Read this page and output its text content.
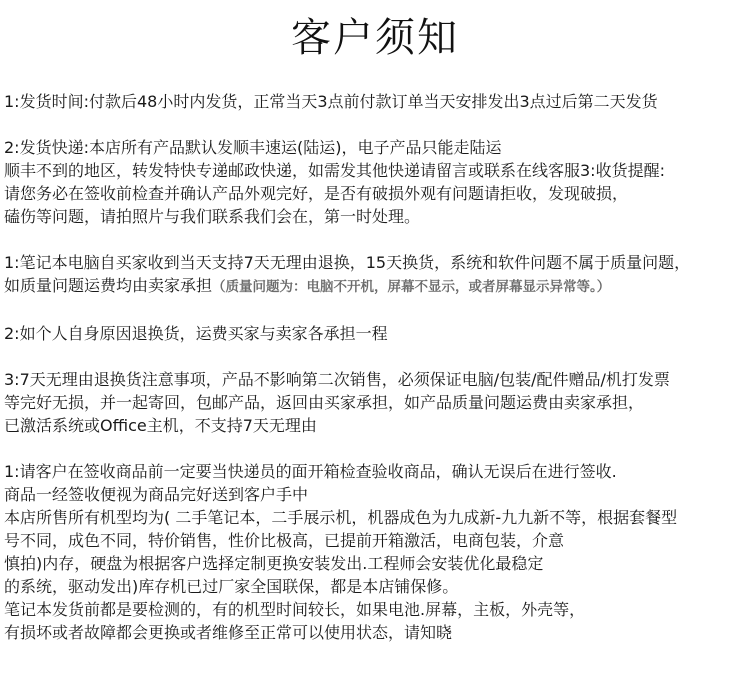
客户须知
1:发货时间:付款后48小时内发货，正常当天3点前付款订单当天安排发出3点过后第二天发货
2:发货快递:本店所有产品默认发顺丰速运(陆运)，电子产品只能走陆运
顺丰不到的地区，转发特快专递邮政快递，如需发其他快递请留言或联系在线客服3:收货提醒:
请您务必在签收前检查并确认产品外观完好，是否有破损外观有问题请拒收，发现破损，
磕伤等问题，请拍照片与我们联系我们会在，第一时处理。
1:笔记本电脑自买家收到当天支持7天无理由退换，15天换货，系统和软件问题不属于质量问题，
如质量问题运费均由卖家承担（质量问题为：电脑不开机，屏幕不显示，或者屏幕显示异常等。）
2:如个人自身原因退换货，运费买家与卖家各承担一程
3:7天无理由退换货注意事项，产品不影响第二次销售，必须保证电脑/包装/配件赠品/机打发票
等完好无损，并一起寄回，包邮产品，返回由买家承担，如产品质量问题运费由卖家承担，
已激活系统或Office主机，不支持7天无理由
1:请客户在签收商品前一定要当快递员的面开箱检查验收商品，确认无误后在进行签收.
商品一经签收便视为商品完好送到客户手中
本店所售所有机型均为( 二手笔记本，二手展示机，机器成色为九成新-九九新不等，根据套餐型
号不同，成色不同，特价销售，性价比极高，已提前开箱激活，电商包装，介意
慎拍)内存，硬盘为根据客户选择定制更换安装发出.工程师会安装优化最稳定
的系统，驱动发出)库存机已过厂家全国联保，都是本店铺保修。
笔记本发货前都是要检测的，有的机型时间较长，如果电池.屏幕，主板，外壳等，
有损坏或者故障都会更换或者维修至正常可以使用状态，请知晓
